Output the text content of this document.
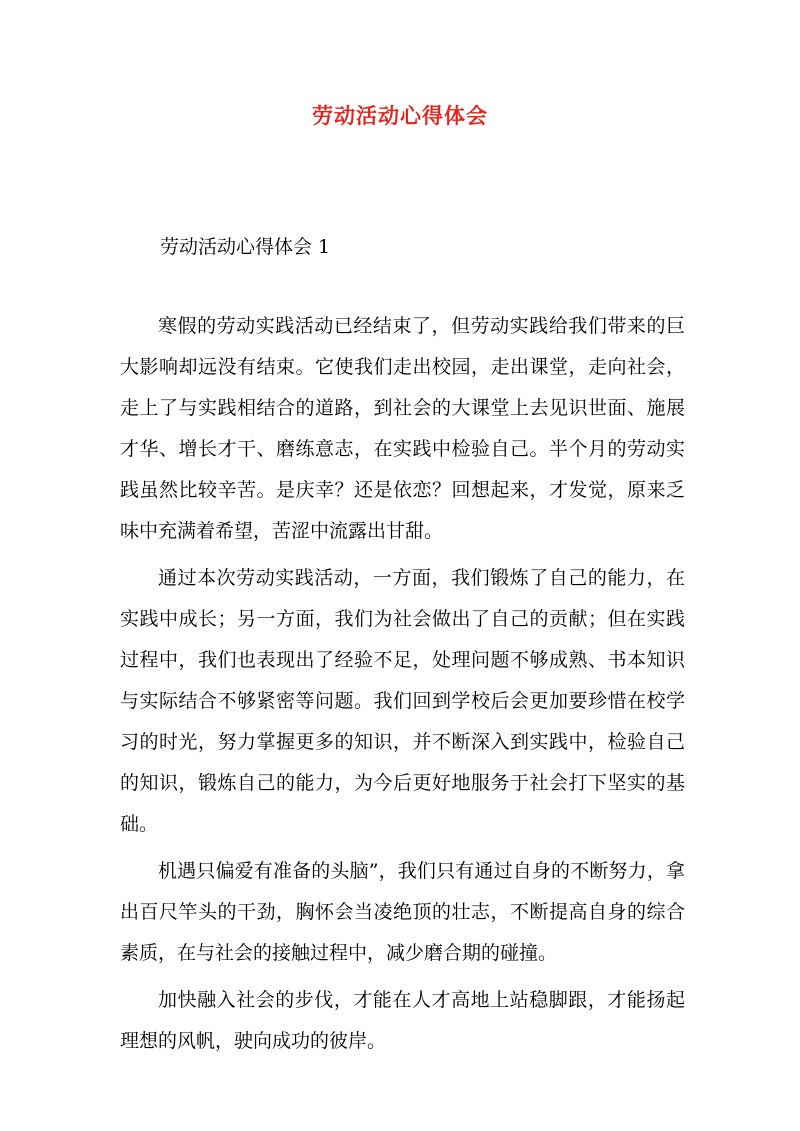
劳动活动心得体会
劳动活动心得体会 1

寒假的劳动实践活动已经结束了，但劳动实践给我们带来的巨大影响却远没有结束。它使我们走出校园，走出课堂，走向社会，走上了与实践相结合的道路，到社会的大课堂上去见识世面、施展才华、增长才干、磨练意志，在实践中检验自己。半个月的劳动实践虽然比较辛苦。是庆幸？还是依恋？回想起来，才发觉，原来乏味中充满着希望，苦涩中流露出甘甜。

通过本次劳动实践活动，一方面，我们锻炼了自己的能力，在实践中成长；另一方面，我们为社会做出了自己的贡献；但在实践过程中，我们也表现出了经验不足，处理问题不够成熟、书本知识与实际结合不够紧密等问题。我们回到学校后会更加要珍惜在校学习的时光，努力掌握更多的知识，并不断深入到实践中，检验自己的知识，锻炼自己的能力，为今后更好地服务于社会打下坚实的基础。

机遇只偏爱有准备的头脑”，我们只有通过自身的不断努力，拿出百尺竿头的干劲，胸怀会当凌绝顶的壮志，不断提高自身的综合素质，在与社会的接触过程中，减少磨合期的碰撞。

加快融入社会的步伐，才能在人才高地上站稳脚跟，才能扬起理想的风帆，驶向成功的彼岸。
